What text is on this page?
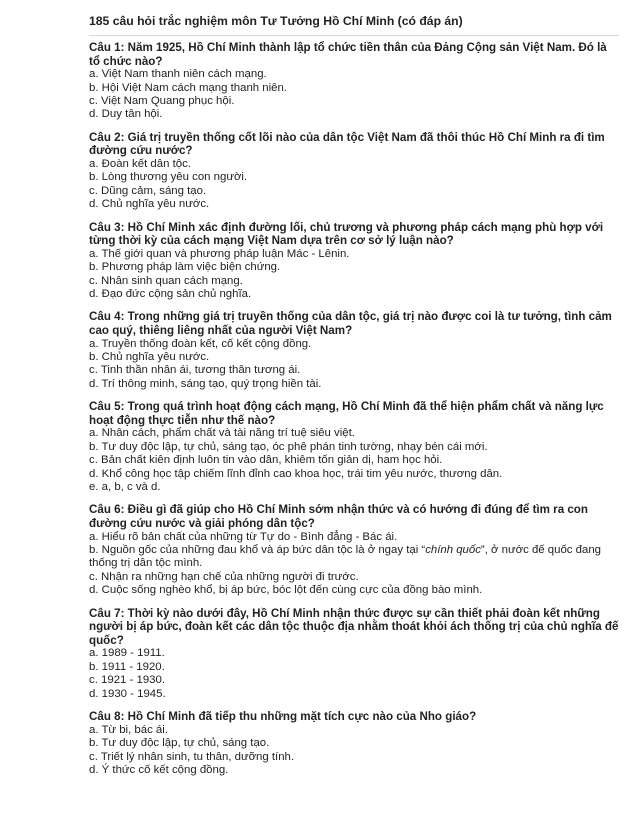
185 câu hỏi trắc nghiệm môn Tư Tưởng Hồ Chí Minh (có đáp án)
Câu 1: Năm 1925, Hồ Chí Minh thành lập tổ chức tiền thân của Đảng Cộng sản Việt Nam. Đó là tổ chức nào?
a. Việt Nam thanh niên cách mạng.
b. Hội Việt Nam cách mạng thanh niên.
c. Việt Nam Quang phục hội.
d. Duy tân hội.
Câu 2: Giá trị truyền thống cốt lõi nào của dân tộc Việt Nam đã thôi thúc Hồ Chí Minh ra đi tìm đường cứu nước?
a. Đoàn kết dân tộc.
b. Lòng thương yêu con người.
c. Dũng cảm, sáng tạo.
d. Chủ nghĩa yêu nước.
Câu 3: Hồ Chí Minh xác định đường lối, chủ trương và phương pháp cách mạng phù hợp với từng thời kỳ của cách mạng Việt Nam dựa trên cơ sở lý luận nào?
a. Thế giới quan và phương pháp luận Mác - Lênin.
b. Phương pháp làm việc biện chứng.
c. Nhân sinh quan cách mạng.
d. Đạo đức cộng sản chủ nghĩa.
Câu 4: Trong những giá trị truyền thống của dân tộc, giá trị nào được coi là tư tưởng, tình cảm cao quý, thiêng liêng nhất của người Việt Nam?
a. Truyền thống đoàn kết, cố kết cộng đồng.
b. Chủ nghĩa yêu nước.
c. Tinh thần nhân ái, tương thân tương ái.
d. Trí thông minh, sáng tạo, quý trọng hiền tài.
Câu 5: Trong quá trình hoạt động cách mạng, Hồ Chí Minh đã thể hiện phẩm chất và năng lực hoạt động thực tiễn như thế nào?
a. Nhân cách, phẩm chất và tài năng trí tuệ siêu việt.
b. Tư duy độc lập, tự chủ, sáng tạo, óc phê phán tinh tường, nhạy bén cái mới.
c. Bản chất kiên định luôn tin vào dân, khiêm tốn giản dị, ham học hỏi.
d. Khổ công học tập chiếm lĩnh đỉnh cao khoa học, trái tim yêu nước, thương dân.
e. a, b, c và d.
Câu 6: Điều gì đã giúp cho Hồ Chí Minh sớm nhận thức và có hướng đi đúng để tìm ra con đường cứu nước và giải phóng dân tộc?
a. Hiểu rõ bản chất của những từ Tự do - Bình đẳng - Bác ái.
b. Nguồn gốc của những đau khổ và áp bức dân tộc là ở ngay tại “chính quốc”, ở nước đế quốc đang thống trị dân tộc mình.
c. Nhận ra những hạn chế của những người đi trước.
d. Cuộc sống nghèo khổ, bị áp bức, bóc lột đến cùng cực của đồng bào mình.
Câu 7: Thời kỳ nào dưới đây, Hồ Chí Minh nhận thức được sự cần thiết phải đoàn kết những người bị áp bức, đoàn kết các dân tộc thuộc địa nhằm thoát khỏi ách thống trị của chủ nghĩa đế quốc?
a. 1989 - 1911.
b. 1911 - 1920.
c. 1921 - 1930.
d. 1930 - 1945.
Câu 8: Hồ Chí Minh đã tiếp thu những mặt tích cực nào của Nho giáo?
a. Từ bi, bác ái.
b. Tư duy độc lập, tự chủ, sáng tạo.
c. Triết lý nhân sinh, tu thân, dưỡng tính.
d. Ý thức cố kết cộng đồng.
